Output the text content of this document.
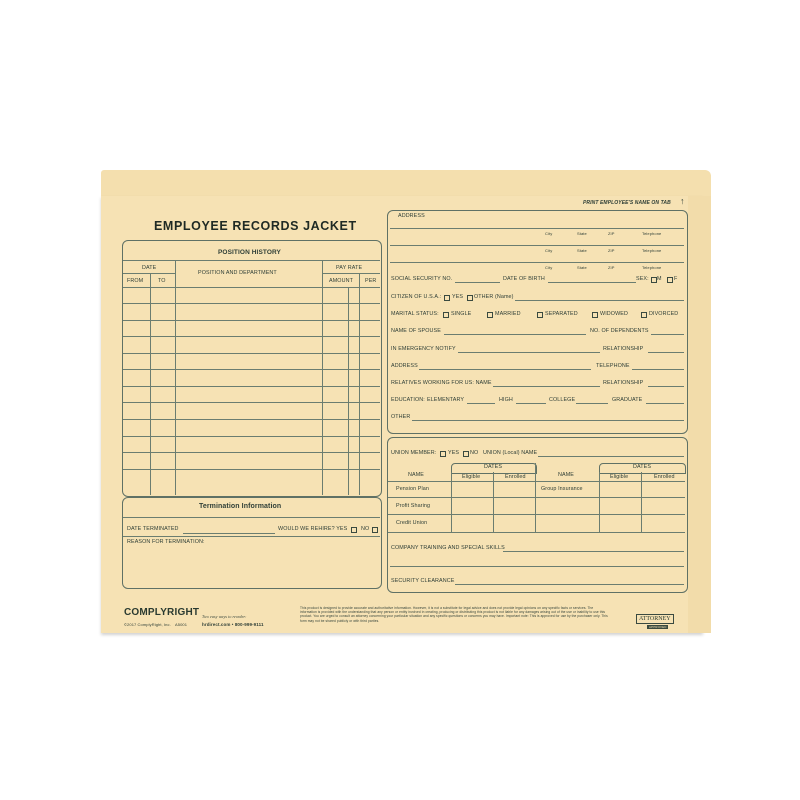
PRINT EMPLOYEE'S NAME ON TAB ↑
EMPLOYEE RECORDS JACKET
POSITION HISTORY
DATE
POSITION AND DEPARTMENT
PAY RATE
FROM	TO	AMOUNT PER
Termination Information
DATE TERMINATED	WOULD WE REHIRE? YES	NO
REASON FOR TERMINATION:
ADDRESS
City	State	ZIP	Telephone
City	State	ZIP	Telephone
City	State	ZIP	Telephone
SOCIAL SECURITY NO.	DATE OF BIRTH	SEX: M F
CITIZEN OF U.S.A.: YES OTHER (Name)
MARITAL STATUS: SINGLE	MARRIED	SEPARATED	WIDOWED	DIVORCED
NAME OF SPOUSE	NO. OF DEPENDENTS
IN EMERGENCY NOTIFY	RELATIONSHIP
ADDRESS	TELEPHONE
RELATIVES WORKING FOR US: NAME	RELATIONSHIP
EDUCATION: ELEMENTARY	HIGH	COLLEGE	GRADUATE
OTHER
UNION MEMBER: YES NO UNION (Local) NAME
DATES	DATES
NAME	Eligible	Enrolled	NAME	Eligible	Enrolled
Pension Plan	Group Insurance
Profit Sharing
Credit Union
COMPANY TRAINING AND SPECIAL SKILLS
SECURITY CLEARANCE
COMPLYRIGHT
©2017 ComplyRight, Inc. A5001
Two easy ways to reorder:
hrdirect.com • 800-999-9111
This product is designed to provide accurate and authoritative information. However, it is not a substitute for legal advice and does not provide legal opinions on any specific facts or services. The information is provided with the understanding that any person or entity involved in creating, producing or distributing this product is not liable for any damages arising out of the use or inability to use this product. You are urged to consult an attorney concerning your particular situation and any specific questions or concerns you may have. Important note: This is approved for use by the purchaser only. This form may not be shared publicly or with third parties.	ATTORNEY
APPROVED
